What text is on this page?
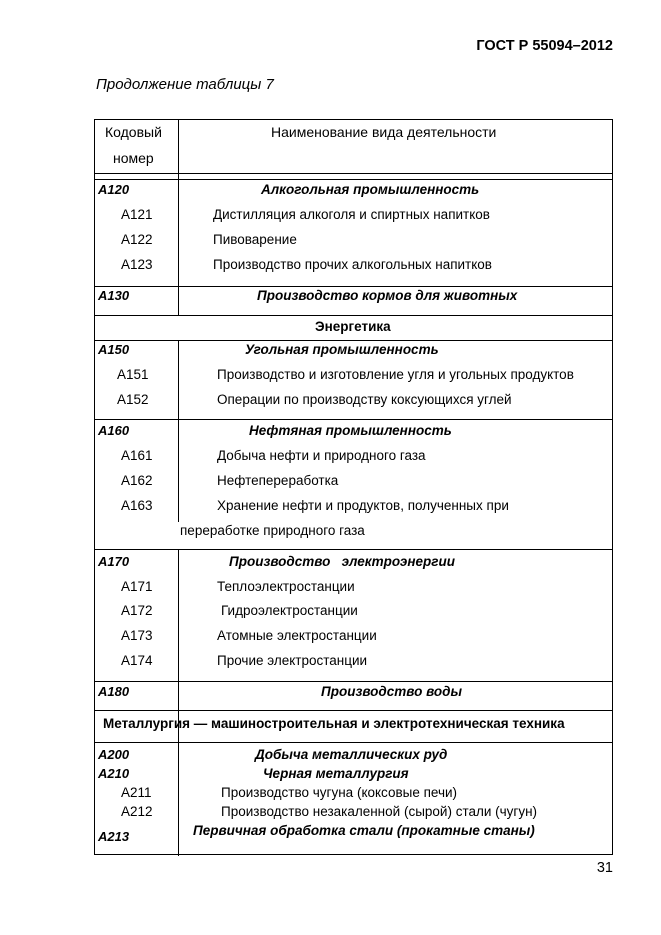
ГОСТ Р 55094–2012
Продолжение таблицы 7
Кодовый
номер
Наименование вида деятельности
А120	Алкогольная промышленность
А121	Дистилляция алкоголя и спиртных напитков
А122	Пивоварение
А123	Производство прочих алкогольных напитков
А130	Производство кормов для животных
Энергетика
А150	Угольная промышленность
А151	Производство и изготовление угля и угольных продуктов
А152	Операции по производству коксующихся углей
А160	Нефтяная промышленность
А161	Добыча нефти и природного газа
А162	Нефтепереработка
А163	Хранение нефти и продуктов, полученных при
переработке природного газа
А170	Производство   электроэнергии
А171	Теплоэлектростанции
А172	Гидроэлектростанции
А173	Атомные электростанции
А174	Прочие электростанции
А180	Производство воды
Металлургия — машиностроительная и электротехническая техника
А200	Добыча металлических руд
А210	Черная металлургия
А211	Производство чугуна (коксовые печи)
А212	Производство незакаленной (сырой) стали (чугун)
А213	Первичная обработка стали (прокатные станы)
31
